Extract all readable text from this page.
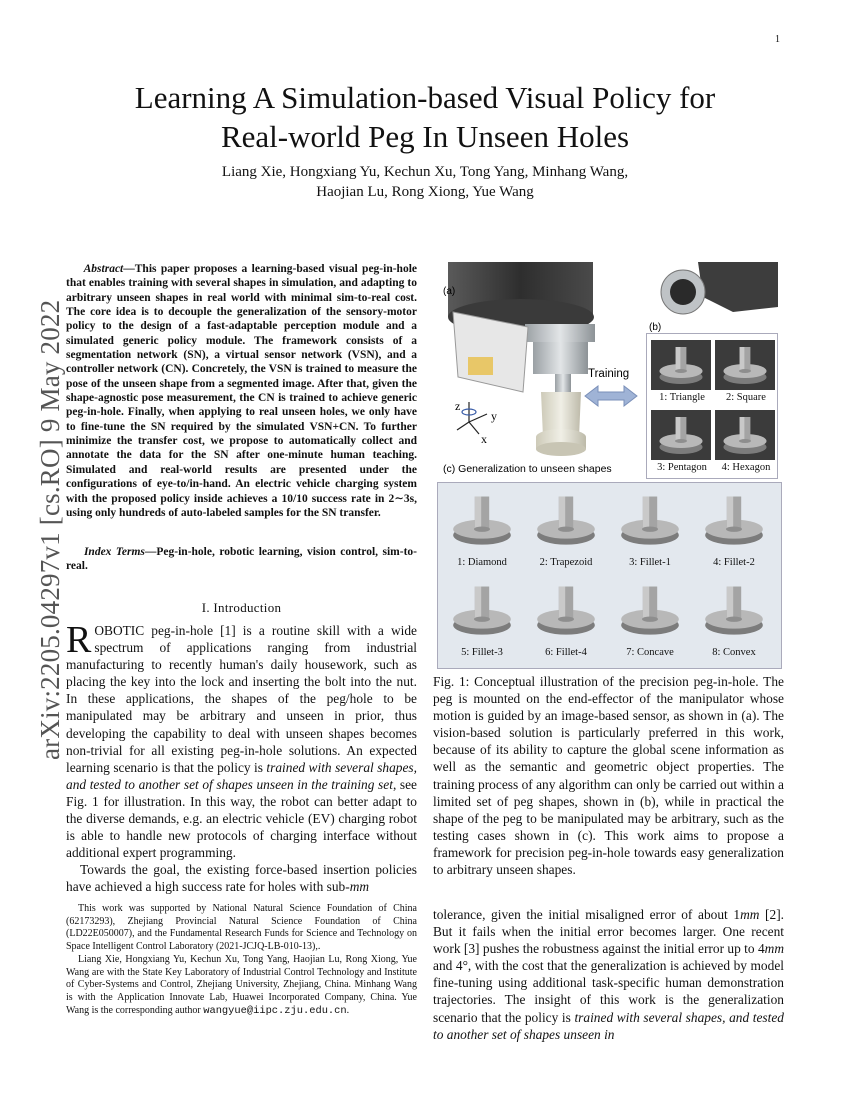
1
arXiv:2205.04297v1 [cs.RO] 9 May 2022
Learning A Simulation-based Visual Policy for
Real-world Peg In Unseen Holes
Liang Xie, Hongxiang Yu, Kechun Xu, Tong Yang, Minhang Wang,
Haojian Lu, Rong Xiong, Yue Wang
Abstract—This paper proposes a learning-based visual peg-in-hole that enables training with several shapes in simulation, and adapting to arbitrary unseen shapes in real world with minimal sim-to-real cost. The core idea is to decouple the generalization of the sensory-motor policy to the design of a fast-adaptable perception module and a simulated generic policy module. The framework consists of a segmentation network (SN), a virtual sensor network (VSN), and a controller network (CN). Concretely, the VSN is trained to measure the pose of the unseen shape from a segmented image. After that, given the shape-agnostic pose measurement, the CN is trained to achieve generic peg-in-hole. Finally, when applying to real unseen holes, we only have to fine-tune the SN required by the simulated VSN+CN. To further minimize the transfer cost, we propose to automatically collect and annotate the data for the SN after one-minute human teaching. Simulated and real-world results are presented under the configurations of eye-to/in-hand. An electric vehicle charging system with the proposed policy inside achieves a 10/10 success rate in 2∼3s, using only hundreds of auto-labeled samples for the SN transfer.
Index Terms—Peg-in-hole, robotic learning, vision control, sim-to-real.
I. Introduction

ROBOTIC peg-in-hole [1] is a routine skill with a wide spectrum of applications ranging from industrial manufacturing to recently human's daily housework, such as placing the key into the lock and inserting the bolt into the nut. In these applications, the shapes of the peg/hole to be manipulated may be arbitrary and unseen in prior, thus developing the capability to deal with unseen shapes becomes non-trivial for all existing peg-in-hole solutions. An expected learning scenario is that the policy is trained with several shapes, and tested to another set of shapes unseen in the training set, see Fig. 1 for illustration. In this way, the robot can better adapt to the diverse demands, e.g. an electric vehicle (EV) charging robot is able to handle new protocols of charging interface without additional expert programming.

Towards the goal, the existing force-based insertion policies have achieved a high success rate for holes with sub-mm

This work was supported by National Natural Science Foundation of China (62173293), Zhejiang Provincial Natural Science Foundation of China (LD22E050007), and the Fundamental Research Funds for Science and Technology on Space Intelligent Control Laboratory (2021-JCJQ-LB-010-13),.

Liang Xie, Hongxiang Yu, Kechun Xu, Tong Yang, Haojian Lu, Rong Xiong, Yue Wang are with the State Key Laboratory of Industrial Control Technology and Institute of Cyber-Systems and Control, Zhejiang University, Zhejiang, China. Minhang Wang is with the Application Innovate Lab, Huawei Incorporated Company, China. Yue Wang is the corresponding author wangyue@iipc.zju.edu.cn.

z
y
x
Training
(a)
(b)
(c) Generalization to unseen shapes
1: Triangle	2: Square
3: Pentagon	4: Hexagon
1: Diamond	2: Trapezoid	3: Fillet-1	4: Fillet-2
5: Fillet-3	6: Fillet-4	7: Concave	8: Convex
Fig. 1: Conceptual illustration of the precision peg-in-hole. The peg is mounted on the end-effector of the manipulator whose motion is guided by an image-based sensor, as shown in (a). The vision-based solution is particularly preferred in this work, because of its ability to capture the global scene information as well as the semantic and geometric object properties. The training process of any algorithm can only be carried out within a limited set of peg shapes, shown in (b), while in practical the shape of the peg to be manipulated may be arbitrary, such as the testing cases shown in (c). This work aims to propose a framework for precision peg-in-hole towards easy generalization to arbitrary unseen shapes.
tolerance, given the initial misaligned error of about 1mm [2]. But it fails when the initial error becomes larger. One recent work [3] pushes the robustness against the initial error up to 4mm and 4°, with the cost that the generalization is achieved by model fine-tuning using additional task-specific human demonstration trajectories. The insight of this work is the generalization scenario that the policy is trained with several shapes, and tested to another set of shapes unseen in
